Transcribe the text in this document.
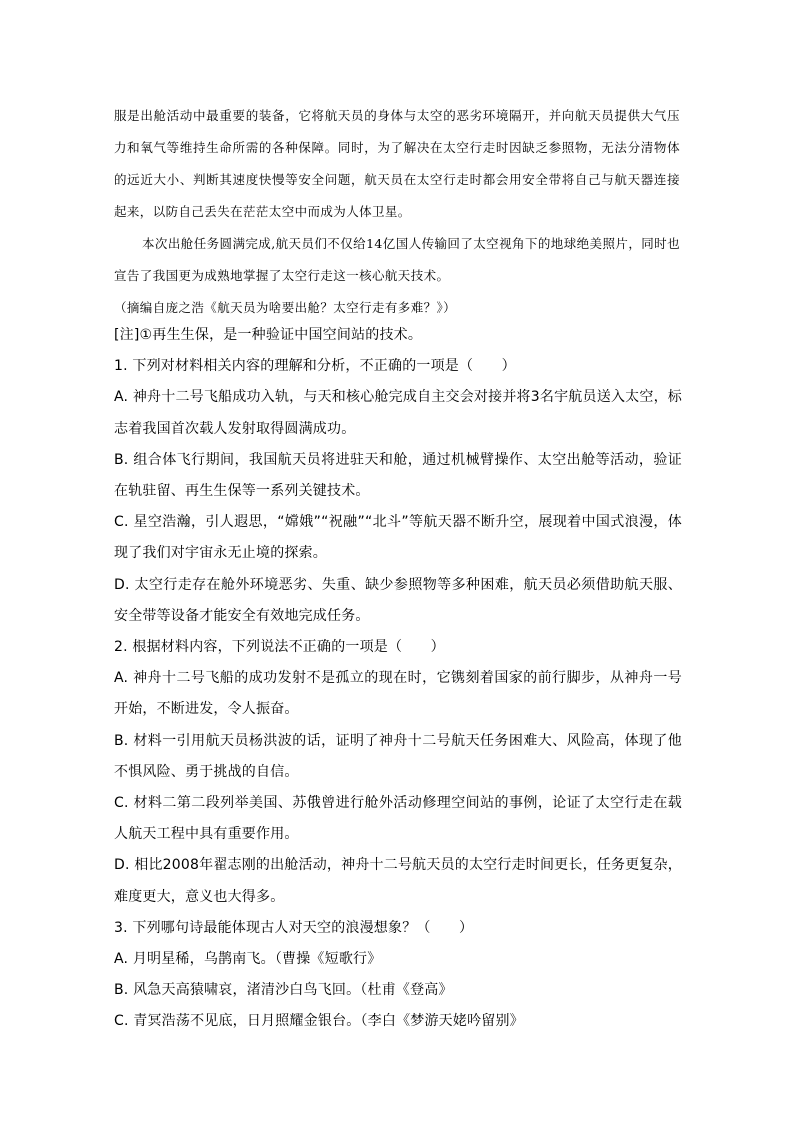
服是出舱活动中最重要的装备，它将航天员的身体与太空的恶劣环境隔开，并向航天员提供大气压力和氧气等维持生命所需的各种保障。同时，为了解决在太空行走时因缺乏参照物，无法分清物体的远近大小、判断其速度快慢等安全问题，航天员在太空行走时都会用安全带将自己与航天器连接起来，以防自己丢失在茫茫太空中而成为人体卫星。

本次出舱任务圆满完成,航天员们不仅给14亿国人传输回了太空视角下的地球绝美照片，同时也宣告了我国更为成熟地掌握了太空行走这一核心航天技术。

（摘编自庞之浩《航天员为啥要出舱？太空行走有多难？》）

[注]①再生生保，是一种验证中国空间站的技术。

1. 下列对材料相关内容的理解和分析，不正确的一项是（　　）

A. 神舟十二号飞船成功入轨，与天和核心舱完成自主交会对接并将3名宇航员送入太空，标志着我国首次载人发射取得圆满成功。

B. 组合体飞行期间，我国航天员将进驻天和舱，通过机械臂操作、太空出舱等活动，验证在轨驻留、再生生保等一系列关键技术。

C. 星空浩瀚，引人遐思，“嫦娥”“祝融”“北斗”等航天器不断升空，展现着中国式浪漫，体现了我们对宇宙永无止境的探索。

D. 太空行走存在舱外环境恶劣、失重、缺少参照物等多种困难，航天员必须借助航天服、安全带等设备才能安全有效地完成任务。

2. 根据材料内容，下列说法不正确的一项是（　　）

A. 神舟十二号飞船的成功发射不是孤立的现在时，它镌刻着国家的前行脚步，从神舟一号开始，不断进发，令人振奋。

B. 材料一引用航天员杨洪波的话，证明了神舟十二号航天任务困难大、风险高，体现了他不惧风险、勇于挑战的自信。

C. 材料二第二段列举美国、苏俄曾进行舱外活动修理空间站的事例，论证了太空行走在载人航天工程中具有重要作用。

D. 相比2008年翟志刚的出舱活动，神舟十二号航天员的太空行走时间更长，任务更复杂，难度更大，意义也大得多。

3. 下列哪句诗最能体现古人对天空的浪漫想象？（　　）

A. 月明星稀，乌鹊南飞。（曹操《短歌行》

B. 风急天高猿啸哀，渚清沙白鸟飞回。（杜甫《登高》

C. 青冥浩荡不见底，日月照耀金银台。（李白《梦游天姥吟留别》
